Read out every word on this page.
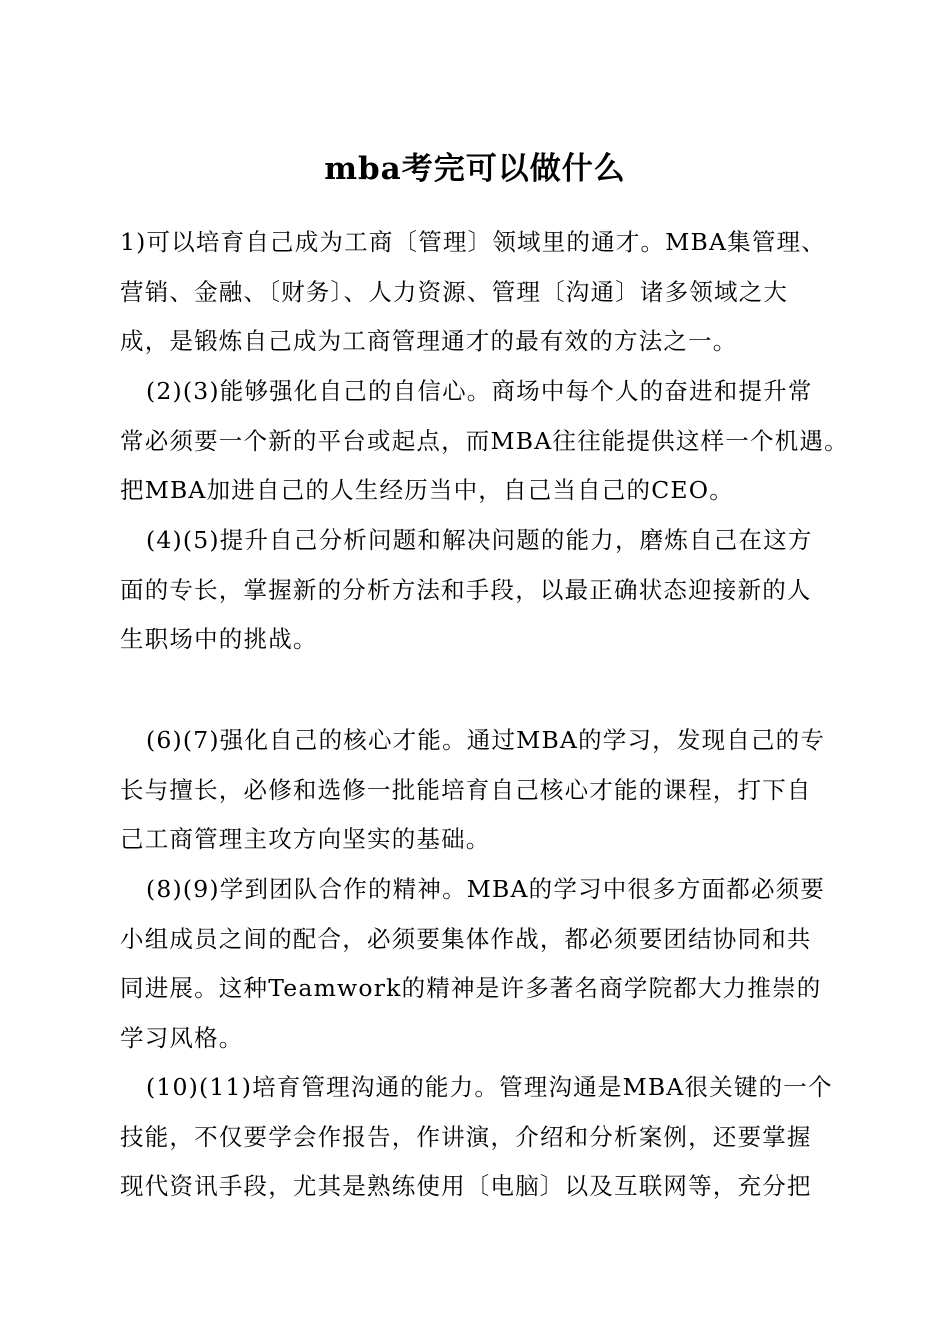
mba考完可以做什么

1)可以培育自己成为工商〔管理〕领域里的通才。MBA集管理、
营销、金融、〔财务〕、人力资源、管理〔沟通〕诸多领域之大
成，是锻炼自己成为工商管理通才的最有效的方法之一。

(2)(3)能够强化自己的自信心。商场中每个人的奋进和提升常
常必须要一个新的平台或起点，而MBA往往能提供这样一个机遇。
把MBA加进自己的人生经历当中，自己当自己的CEO。

(4)(5)提升自己分析问题和解决问题的能力，磨炼自己在这方
面的专长，掌握新的分析方法和手段，以最正确状态迎接新的人
生职场中的挑战。

(6)(7)强化自己的核心才能。通过MBA的学习，发现自己的专
长与擅长，必修和选修一批能培育自己核心才能的课程，打下自
己工商管理主攻方向坚实的基础。

(8)(9)学到团队合作的精神。MBA的学习中很多方面都必须要
小组成员之间的配合，必须要集体作战，都必须要团结协同和共
同进展。这种Teamwork的精神是许多著名商学院都大力推崇的
学习风格。

(10)(11)培育管理沟通的能力。管理沟通是MBA很关键的一个
技能，不仅要学会作报告，作讲演，介绍和分析案例，还要掌握
现代资讯手段，尤其是熟练使用〔电脑〕以及互联网等，充分把
